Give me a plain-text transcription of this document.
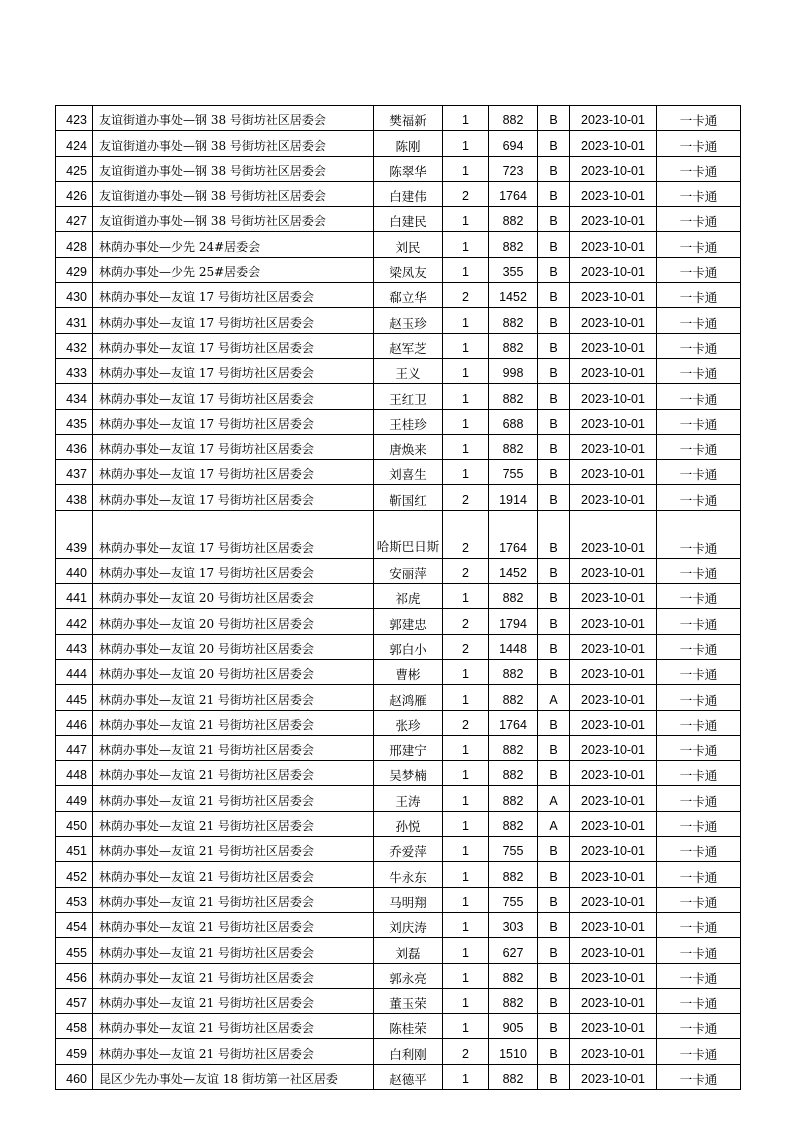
423	友谊街道办事处—钢 38 号街坊社区居委会	樊福新	1	882	B	2023-10-01	一卡通
424	友谊街道办事处—钢 38 号街坊社区居委会	陈刚	1	694	B	2023-10-01	一卡通
425	友谊街道办事处—钢 38 号街坊社区居委会	陈翠华	1	723	B	2023-10-01	一卡通
426	友谊街道办事处—钢 38 号街坊社区居委会	白建伟	2	1764	B	2023-10-01	一卡通
427	友谊街道办事处—钢 38 号街坊社区居委会	白建民	1	882	B	2023-10-01	一卡通
428	林荫办事处—少先 24#居委会	刘民	1	882	B	2023-10-01	一卡通
429	林荫办事处—少先 25#居委会	梁凤友	1	355	B	2023-10-01	一卡通
430	林荫办事处—友谊 17 号街坊社区居委会	郗立华	2	1452	B	2023-10-01	一卡通
431	林荫办事处—友谊 17 号街坊社区居委会	赵玉珍	1	882	B	2023-10-01	一卡通
432	林荫办事处—友谊 17 号街坊社区居委会	赵军芝	1	882	B	2023-10-01	一卡通
433	林荫办事处—友谊 17 号街坊社区居委会	王义	1	998	B	2023-10-01	一卡通
434	林荫办事处—友谊 17 号街坊社区居委会	王红卫	1	882	B	2023-10-01	一卡通
435	林荫办事处—友谊 17 号街坊社区居委会	王桂珍	1	688	B	2023-10-01	一卡通
436	林荫办事处—友谊 17 号街坊社区居委会	唐焕来	1	882	B	2023-10-01	一卡通
437	林荫办事处—友谊 17 号街坊社区居委会	刘喜生	1	755	B	2023-10-01	一卡通
438	林荫办事处—友谊 17 号街坊社区居委会	靳国红	2	1914	B	2023-10-01	一卡通
439	林荫办事处—友谊 17 号街坊社区居委会	哈斯巴日斯	2	1764	B	2023-10-01	一卡通
440	林荫办事处—友谊 17 号街坊社区居委会	安丽萍	2	1452	B	2023-10-01	一卡通
441	林荫办事处—友谊 20 号街坊社区居委会	祁虎	1	882	B	2023-10-01	一卡通
442	林荫办事处—友谊 20 号街坊社区居委会	郭建忠	2	1794	B	2023-10-01	一卡通
443	林荫办事处—友谊 20 号街坊社区居委会	郭白小	2	1448	B	2023-10-01	一卡通
444	林荫办事处—友谊 20 号街坊社区居委会	曹彬	1	882	B	2023-10-01	一卡通
445	林荫办事处—友谊 21 号街坊社区居委会	赵鸿雁	1	882	A	2023-10-01	一卡通
446	林荫办事处—友谊 21 号街坊社区居委会	张珍	2	1764	B	2023-10-01	一卡通
447	林荫办事处—友谊 21 号街坊社区居委会	邢建宁	1	882	B	2023-10-01	一卡通
448	林荫办事处—友谊 21 号街坊社区居委会	吴梦楠	1	882	B	2023-10-01	一卡通
449	林荫办事处—友谊 21 号街坊社区居委会	王涛	1	882	A	2023-10-01	一卡通
450	林荫办事处—友谊 21 号街坊社区居委会	孙悦	1	882	A	2023-10-01	一卡通
451	林荫办事处—友谊 21 号街坊社区居委会	乔爱萍	1	755	B	2023-10-01	一卡通
452	林荫办事处—友谊 21 号街坊社区居委会	牛永东	1	882	B	2023-10-01	一卡通
453	林荫办事处—友谊 21 号街坊社区居委会	马明翔	1	755	B	2023-10-01	一卡通
454	林荫办事处—友谊 21 号街坊社区居委会	刘庆涛	1	303	B	2023-10-01	一卡通
455	林荫办事处—友谊 21 号街坊社区居委会	刘磊	1	627	B	2023-10-01	一卡通
456	林荫办事处—友谊 21 号街坊社区居委会	郭永亮	1	882	B	2023-10-01	一卡通
457	林荫办事处—友谊 21 号街坊社区居委会	董玉荣	1	882	B	2023-10-01	一卡通
458	林荫办事处—友谊 21 号街坊社区居委会	陈桂荣	1	905	B	2023-10-01	一卡通
459	林荫办事处—友谊 21 号街坊社区居委会	白利刚	2	1510	B	2023-10-01	一卡通
460	昆区少先办事处—友谊 18 街坊第一社区居委	赵德平	1	882	B	2023-10-01	一卡通
